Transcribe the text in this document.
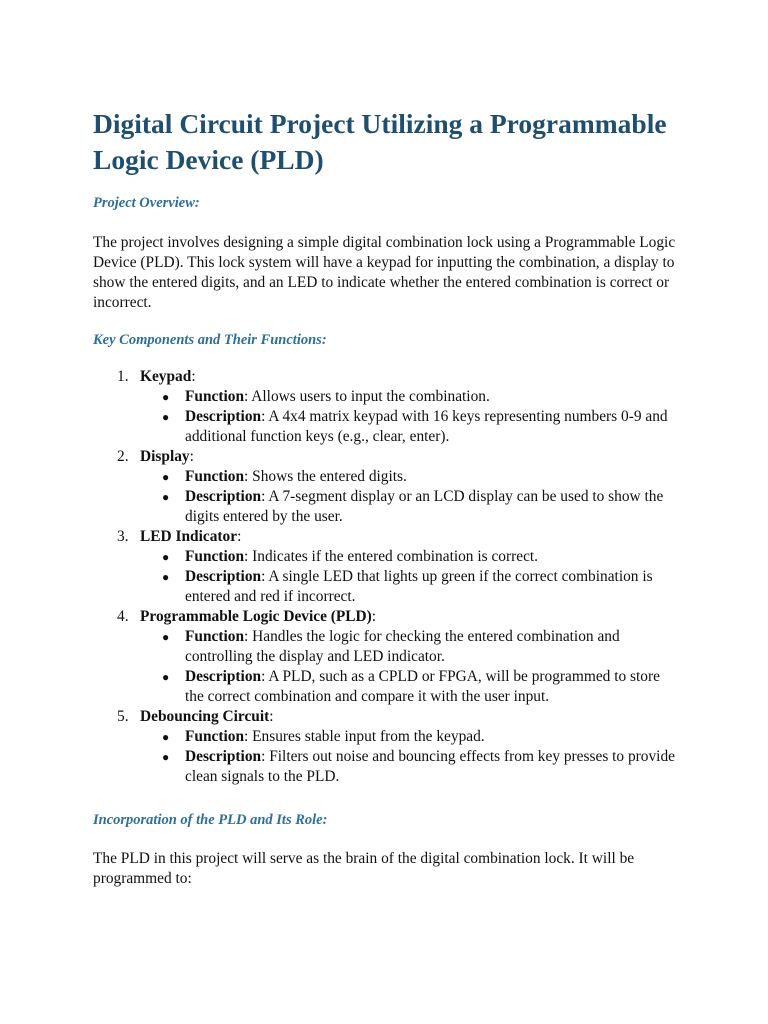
Digital Circuit Project Utilizing a Programmable Logic Device (PLD)
Project Overview:

The project involves designing a simple digital combination lock using a Programmable Logic Device (PLD). This lock system will have a keypad for inputting the combination, a display to show the entered digits, and an LED to indicate whether the entered combination is correct or incorrect.

Key Components and Their Functions:
1. Keypad:
● Function: Allows users to input the combination.
● Description: A 4x4 matrix keypad with 16 keys representing numbers 0-9 and additional function keys (e.g., clear, enter).
2. Display:
● Function: Shows the entered digits.
● Description: A 7-segment display or an LCD display can be used to show the digits entered by the user.
3. LED Indicator:
● Function: Indicates if the entered combination is correct.
● Description: A single LED that lights up green if the correct combination is entered and red if incorrect.
4. Programmable Logic Device (PLD):
● Function: Handles the logic for checking the entered combination and controlling the display and LED indicator.
● Description: A PLD, such as a CPLD or FPGA, will be programmed to store the correct combination and compare it with the user input.
5. Debouncing Circuit:
● Function: Ensures stable input from the keypad.
● Description: Filters out noise and bouncing effects from key presses to provide clean signals to the PLD.
Incorporation of the PLD and Its Role:

The PLD in this project will serve as the brain of the digital combination lock. It will be programmed to:
